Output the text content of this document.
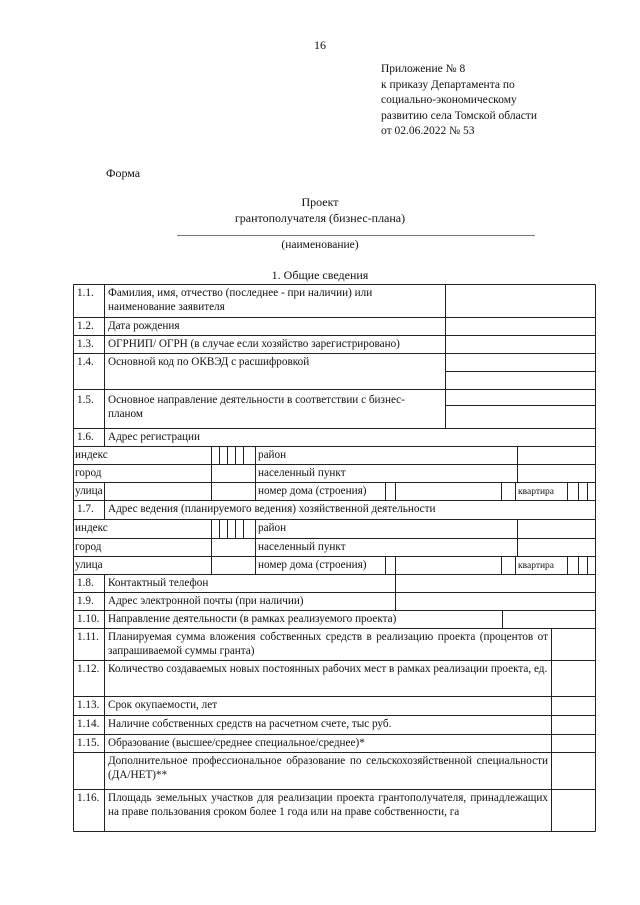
16
Приложение № 8
к приказу Департамента по
социально-экономическому
развитию села Томской области
от 02.06.2022 № 53
Форма
Проект
грантополучателя (бизнес-плана)
(наименование)
1. Общие сведения
1.1. Фамилия, имя, отчество (последнее - при наличии) или наименование заявителя
1.2. Дата рождения
1.3. ОГРНИП/ ОГРН (в случае если хозяйство зарегистрировано)
1.4. Основной код по ОКВЭД с расшифровкой
1.5. Основное направление деятельности в соответствии с бизнес-планом
1.6. Адрес регистрации
индекс	район
город	населенный пункт
улица	номер дома (строения)	квартира
1.7. Адрес ведения (планируемого ведения) хозяйственной деятельности
индекс	район
город	населенный пункт
улица	номер дома (строения)	квартира
1.8. Контактный телефон
1.9. Адрес электронной почты (при наличии)
1.10. Направление деятельности (в рамках реализуемого проекта)
1.11. Планируемая сумма вложения собственных средств в реализацию проекта (процентов от запрашиваемой суммы гранта)
1.12. Количество создаваемых новых постоянных рабочих мест в рамках реализации проекта, ед.
1.13. Срок окупаемости, лет
1.14. Наличие собственных средств на расчетном счете, тыс руб.
1.15. Образование (высшее/среднее специальное/среднее)*
Дополнительное профессиональное образование по сельскохозяйственной специальности (ДА/НЕТ)**
1.16. Площадь земельных участков для реализации проекта грантополучателя, принадлежащих на праве пользования сроком более 1 года или на праве собственности, га
